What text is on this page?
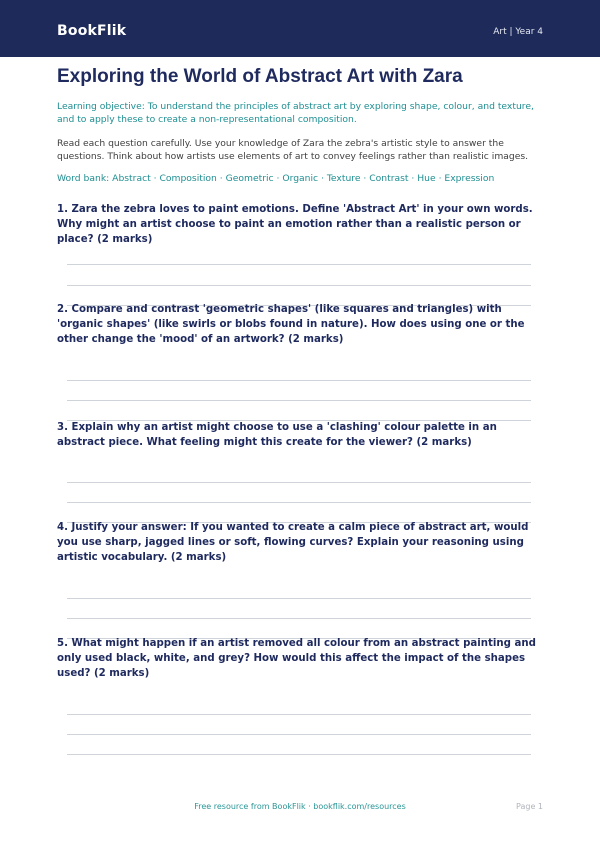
BookFlik	Art | Year 4
Exploring the World of Abstract Art with Zara
Learning objective: To understand the principles of abstract art by exploring shape, colour, and texture, and to apply these to create a non-representational composition.
Read each question carefully. Use your knowledge of Zara the zebra's artistic style to answer the questions. Think about how artists use elements of art to convey feelings rather than realistic images.
Word bank: Abstract · Composition · Geometric · Organic · Texture · Contrast · Hue · Expression
1. Zara the zebra loves to paint emotions. Define 'Abstract Art' in your own words. Why might an artist choose to paint an emotion rather than a realistic person or place? (2 marks)
2. Compare and contrast 'geometric shapes' (like squares and triangles) with 'organic shapes' (like swirls or blobs found in nature). How does using one or the other change the 'mood' of an artwork? (2 marks)
3. Explain why an artist might choose to use a 'clashing' colour palette in an abstract piece. What feeling might this create for the viewer? (2 marks)
4. Justify your answer: If you wanted to create a calm piece of abstract art, would you use sharp, jagged lines or soft, flowing curves? Explain your reasoning using artistic vocabulary. (2 marks)
5. What might happen if an artist removed all colour from an abstract painting and only used black, white, and grey? How would this affect the impact of the shapes used? (2 marks)
Free resource from BookFlik · bookflik.com/resources	Page 1
